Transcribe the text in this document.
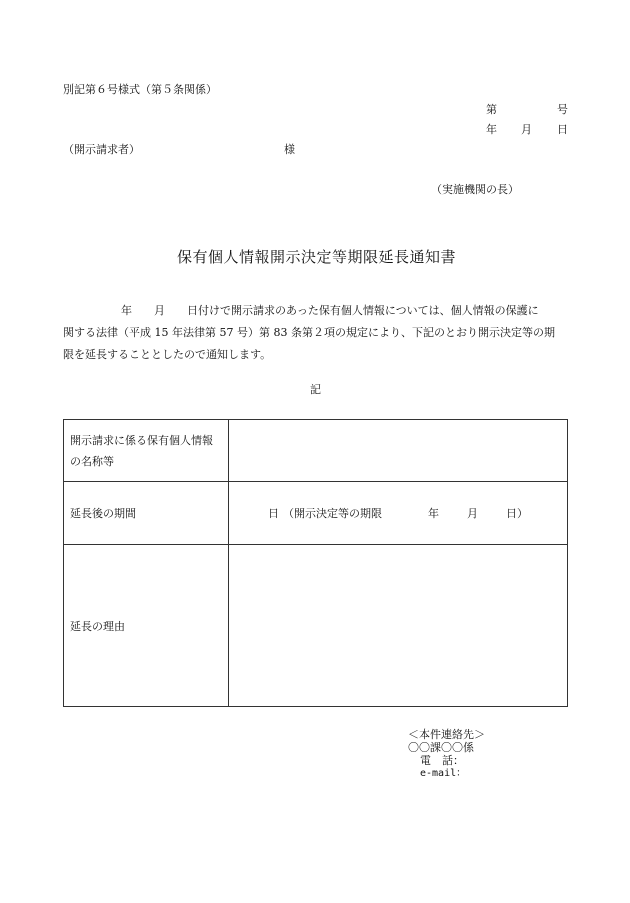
別記第６号様式（第５条関係）
第	号
年 月 日
（開示請求者）	様
（実施機関の長）
保有個人情報開示決定等期限延長通知書
年 月 日付けで開示請求のあった保有個人情報については、個人情報の保護に
関する法律（平成 15 年法律第 57 号）第 83 条第２項の規定により、下記のとおり開示決定等の期
限を延長することとしたので通知します。
記
開示請求に係る保有個人情報
の名称等	

延長後の期間	日 （開示決定等の期限 年 月 日）
延長の理由	
＜本件連絡先＞
〇〇課〇〇係
電　話：
e-mail：
